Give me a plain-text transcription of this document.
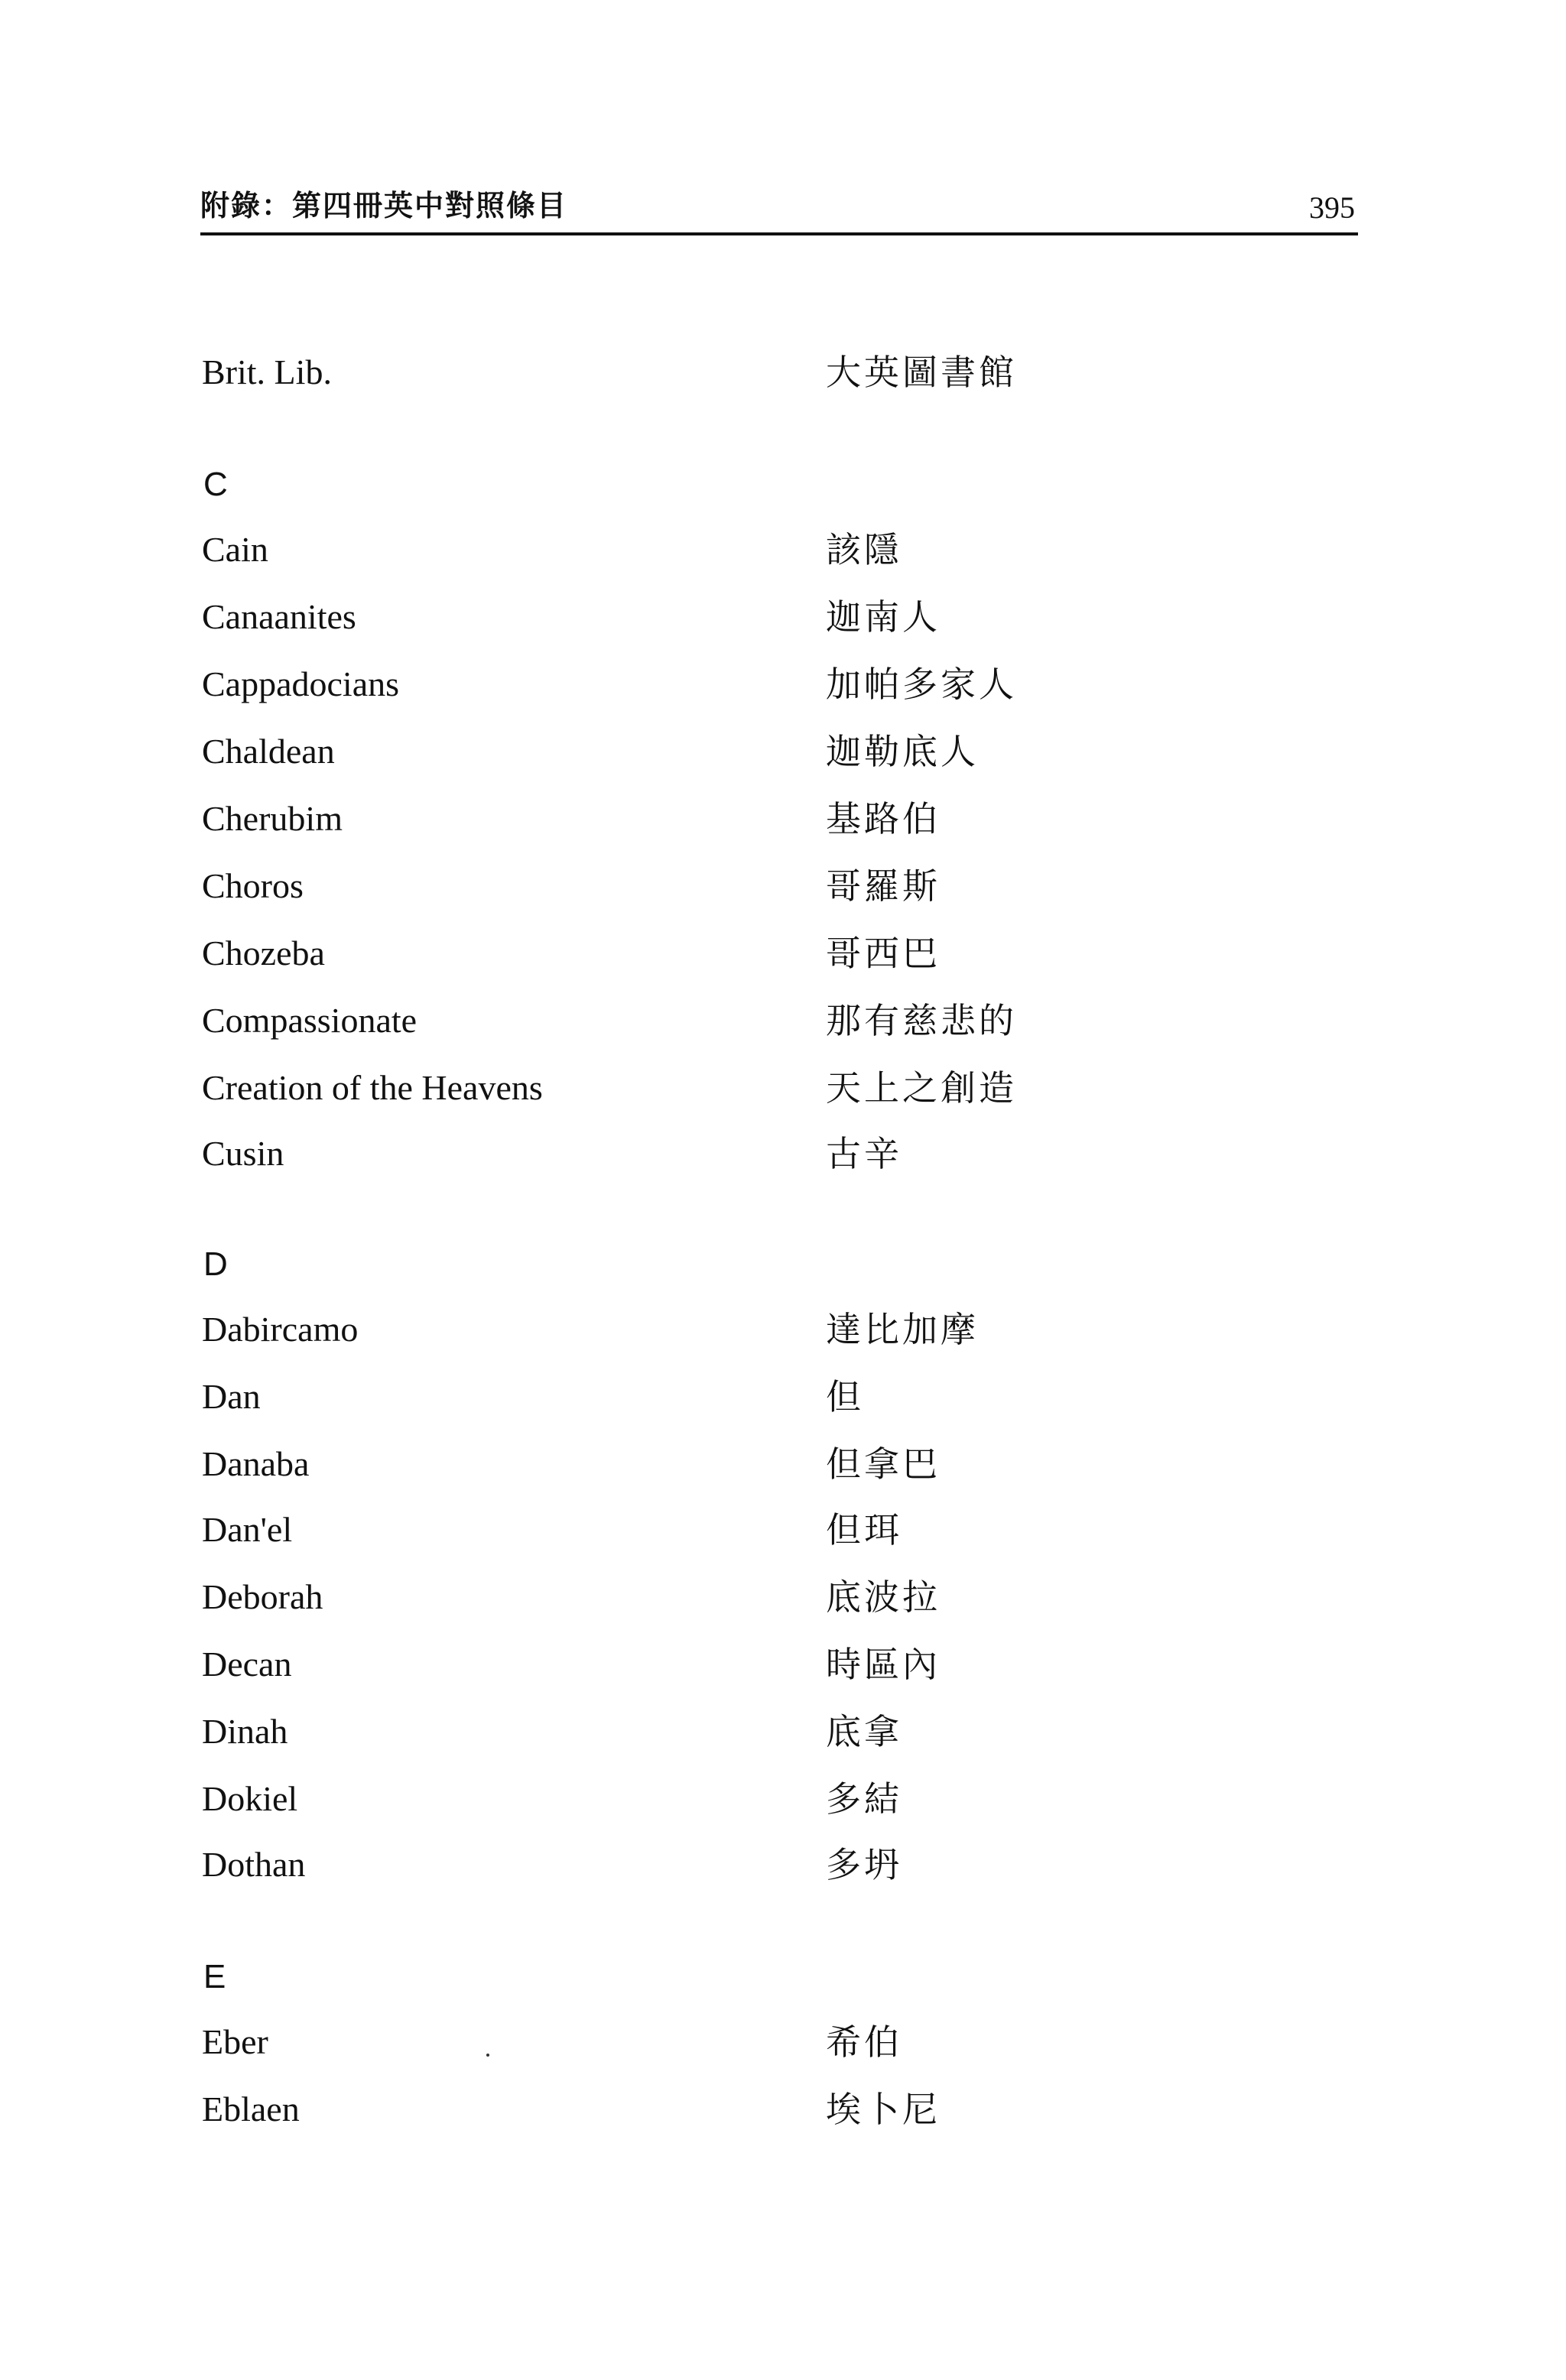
附錄：第四冊英中對照條目	395
Brit. Lib.	大英圖書館
C
Cain	該隱
Canaanites	迦南人
Cappadocians	加帕多家人
Chaldean	迦勒底人
Cherubim	基路伯
Choros	哥羅斯
Chozeba	哥西巴
Compassionate	那有慈悲的
Creation of the Heavens	天上之創造
Cusin	古辛
D
Dabircamo	達比加摩
Dan	但
Danaba	但拿巴
Dan'el	但珥
Deborah	底波拉
Decan	時區內
Dinah	底拿
Dokiel	多結
Dothan	多坍
E
Eber	希伯
Eblaen	埃卜尼
